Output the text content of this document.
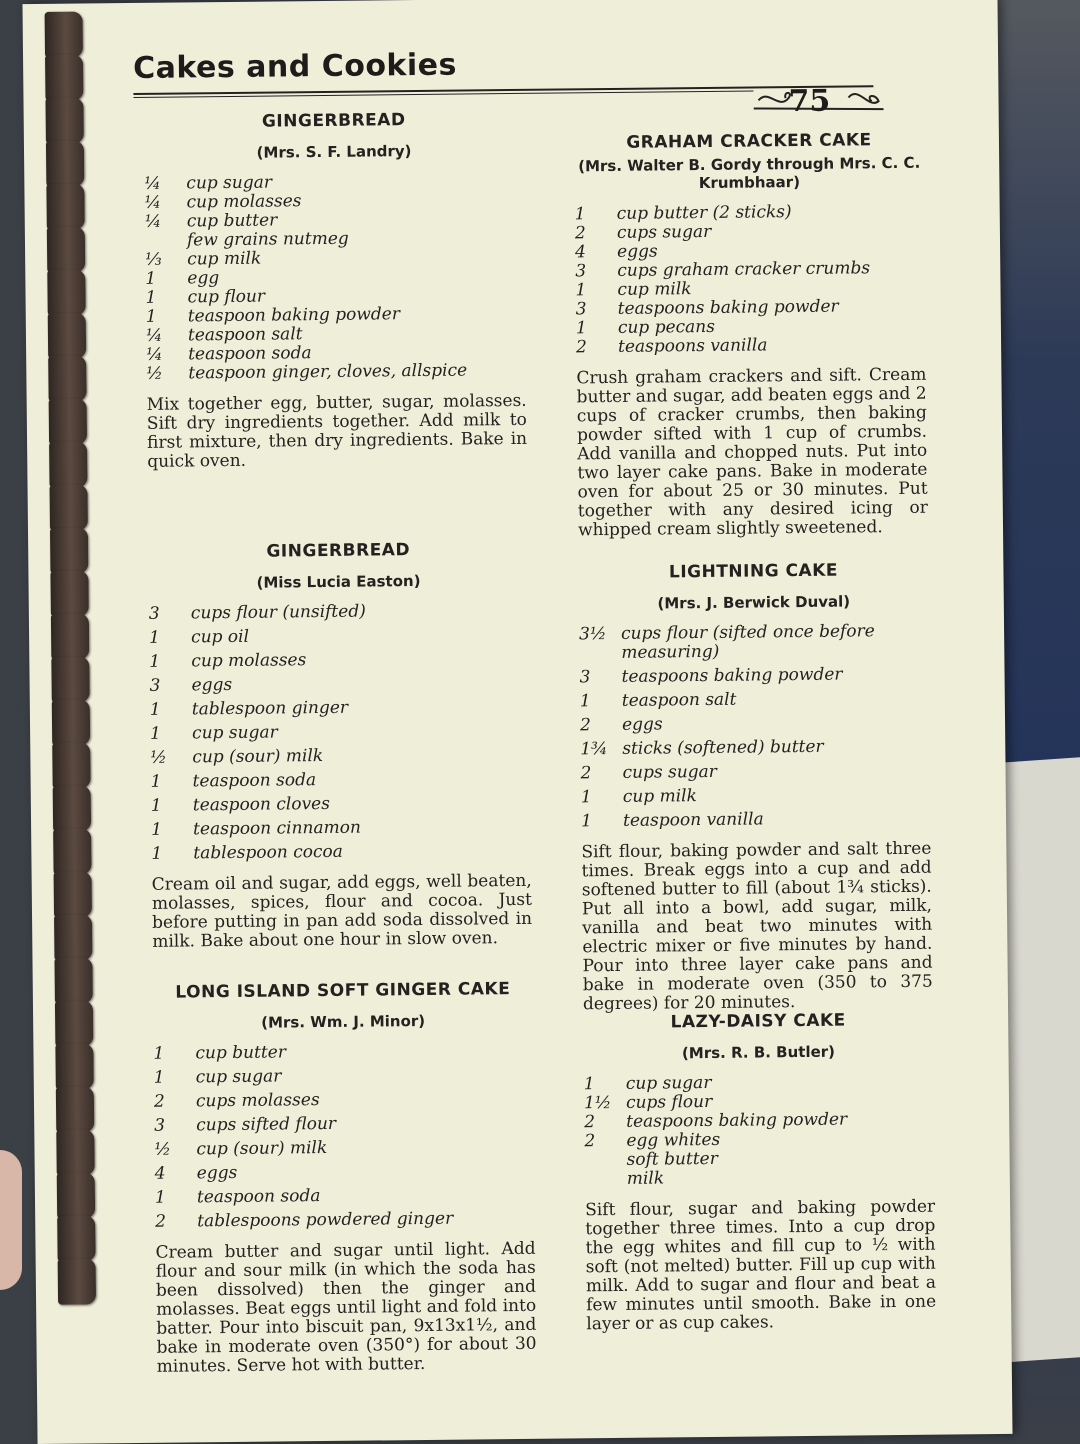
Cakes and Cookies
75
GINGERBREAD
(Mrs. S. F. Landry)
¼	cup sugar
¼	cup molasses
¼	cup butter
few grains nutmeg
⅓	cup milk
1	egg
1	cup flour
1	teaspoon baking powder
¼	teaspoon salt
¼	teaspoon soda
½	teaspoon ginger, cloves, allspice
Mix together egg, butter, sugar, molasses. Sift dry ingredients together. Add milk to first mixture, then dry ingredients. Bake in quick oven.
GINGERBREAD
(Miss Lucia Easton)
3	cups flour (unsifted)
1	cup oil
1	cup molasses
3	eggs
1	tablespoon ginger
1	cup sugar
½	cup (sour) milk
1	teaspoon soda
1	teaspoon cloves
1	teaspoon cinnamon
1	tablespoon cocoa
Cream oil and sugar, add eggs, well beaten, molasses, spices, flour and cocoa. Just before putting in pan add soda dissolved in milk. Bake about one hour in slow oven.
LONG ISLAND SOFT GINGER CAKE
(Mrs. Wm. J. Minor)
1	cup butter
1	cup sugar
2	cups molasses
3	cups sifted flour
½	cup (sour) milk
4	eggs
1	teaspoon soda
2	tablespoons powdered ginger
Cream butter and sugar until light. Add flour and sour milk (in which the soda has been dissolved) then the ginger and molasses. Beat eggs until light and fold into batter. Pour into biscuit pan, 9x13x1½, and bake in moderate oven (350°) for about 30 minutes. Serve hot with butter.
GRAHAM CRACKER CAKE
(Mrs. Walter B. Gordy through Mrs. C. C. Krumbhaar)
1	cup butter (2 sticks)
2	cups sugar
4	eggs
3	cups graham cracker crumbs
1	cup milk
3	teaspoons baking powder
1	cup pecans
2	teaspoons vanilla
Crush graham crackers and sift. Cream butter and sugar, add beaten eggs and 2 cups of cracker crumbs, then baking powder sifted with 1 cup of crumbs. Add vanilla and chopped nuts. Put into two layer cake pans. Bake in moderate oven for about 25 or 30 minutes. Put together with any desired icing or whipped cream slightly sweetened.
LIGHTNING CAKE
(Mrs. J. Berwick Duval)
3½ cups flour (sifted once before measuring)
3	teaspoons baking powder
1	teaspoon salt
2	eggs
1¾ sticks (softened) butter
2	cups sugar
1	cup milk
1	teaspoon vanilla
Sift flour, baking powder and salt three times. Break eggs into a cup and add softened butter to fill (about 1¾ sticks). Put all into a bowl, add sugar, milk, vanilla and beat two minutes with electric mixer or five minutes by hand. Pour into three layer cake pans and bake in moderate oven (350 to 375 degrees) for 20 minutes.
LAZY-DAISY CAKE
(Mrs. R. B. Butler)
1	cup sugar
1½ cups flour
2	teaspoons baking powder
2	egg whites
soft butter
milk
Sift flour, sugar and baking powder together three times. Into a cup drop the egg whites and fill cup to ½ with soft (not melted) butter. Fill up cup with milk. Add to sugar and flour and beat a few minutes until smooth. Bake in one layer or as cup cakes.
